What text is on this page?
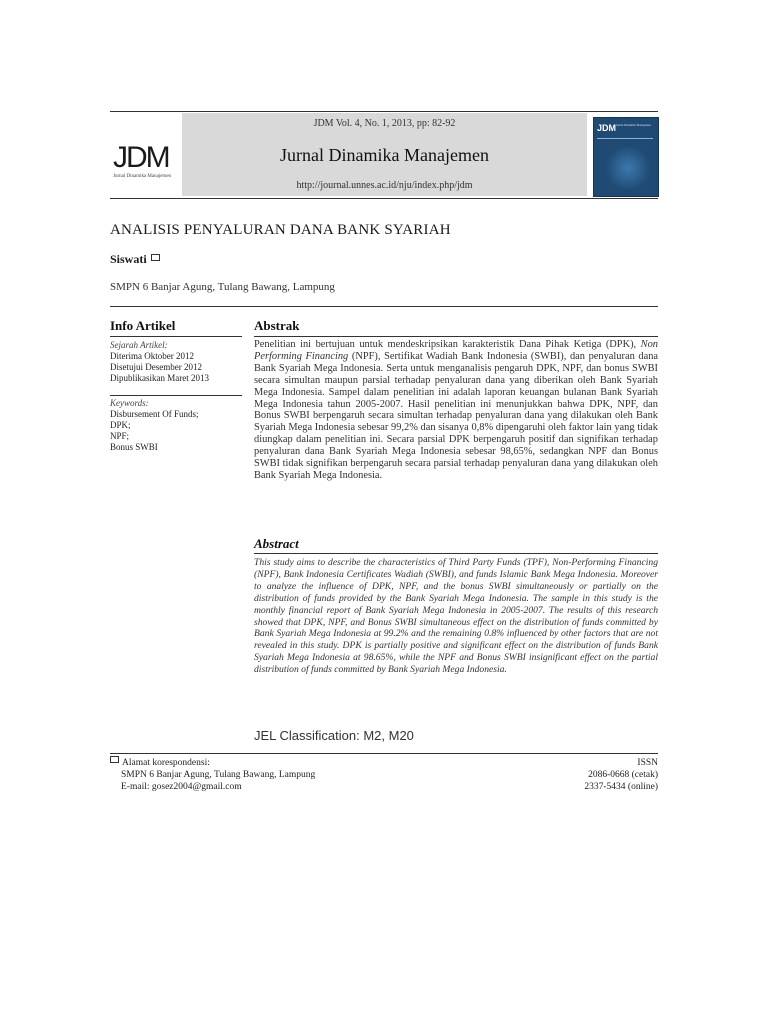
JDM
Jurnal Dinamika Manajemen
JDM Vol. 4, No. 1, 2013, pp: 82-92
Jurnal Dinamika Manajemen
http://journal.unnes.ac.id/nju/index.php/jdm
JDM Jurnal Dinamika Manajemen
ANALISIS PENYALURAN DANA BANK SYARIAH
Siswati
SMPN 6 Banjar Agung, Tulang Bawang, Lampung
Info Artikel
Sejarah Artikel:
Diterima Oktober 2012
Disetujui Desember 2012
Dipublikasikan Maret 2013
Keywords:
Disbursement Of Funds;
DPK;
NPF;
Bonus SWBI
Abstrak
Penelitian ini bertujuan untuk mendeskripsikan karakteristik Dana Pihak Ketiga (DPK), Non Performing Financing (NPF), Sertifikat Wadiah Bank Indonesia (SWBI), dan penyaluran dana Bank Syariah Mega Indonesia. Serta untuk menganalisis pengaruh DPK, NPF, dan bonus SWBI secara simultan maupun parsial terhadap penyaluran dana yang diberikan oleh Bank Syariah Mega Indonesia. Sampel dalam penelitian ini adalah laporan keuangan bulanan Bank Syariah Mega Indonesia tahun 2005-2007. Hasil penelitian ini menunjukkan bahwa DPK, NPF, dan Bonus SWBI berpengaruh secara simultan terhadap penyaluran dana yang dilakukan oleh Bank Syariah Mega Indonesia sebesar 99,2% dan sisanya 0,8% dipengaruhi oleh faktor lain yang tidak diungkap dalam penelitian ini. Secara parsial DPK berpengaruh positif dan signifikan terhadap penyaluran dana Bank Syariah Mega Indonesia sebesar 98,65%, sedangkan NPF dan Bonus SWBI tidak signifikan berpengaruh secara parsial terhadap penyaluran dana yang dilakukan oleh Bank Syariah Mega Indonesia.
Abstract
This study aims to describe the characteristics of Third Party Funds (TPF), Non-Performing Financing (NPF), Bank Indonesia Certificates Wadiah (SWBI), and funds Islamic Bank Mega Indonesia. Moreover to analyze the influence of DPK, NPF, and the bonus SWBI simultaneously or partially on the distribution of funds provided by the Bank Syariah Mega Indonesia. The sample in this study is the monthly financial report of Bank Syariah Mega Indonesia in 2005-2007. The results of this research showed that DPK, NPF, and Bonus SWBI simultaneous effect on the distribution of funds committed by Bank Syariah Mega Indonesia at 99.2% and the remaining 0.8% influenced by other factors that are not revealed in this study. DPK is partially positive and significant effect on the distribution of funds Bank Syariah Mega Indonesia at 98.65%, while the NPF and Bonus SWBI insignificant effect on the partial distribution of funds committed by Bank Syariah Mega Indonesia.
JEL Classification: M2, M20
Alamat korespondensi:
SMPN 6 Banjar Agung, Tulang Bawang, Lampung
E-mail: gosez2004@gmail.com
ISSN
2086-0668 (cetak)
2337-5434 (online)
